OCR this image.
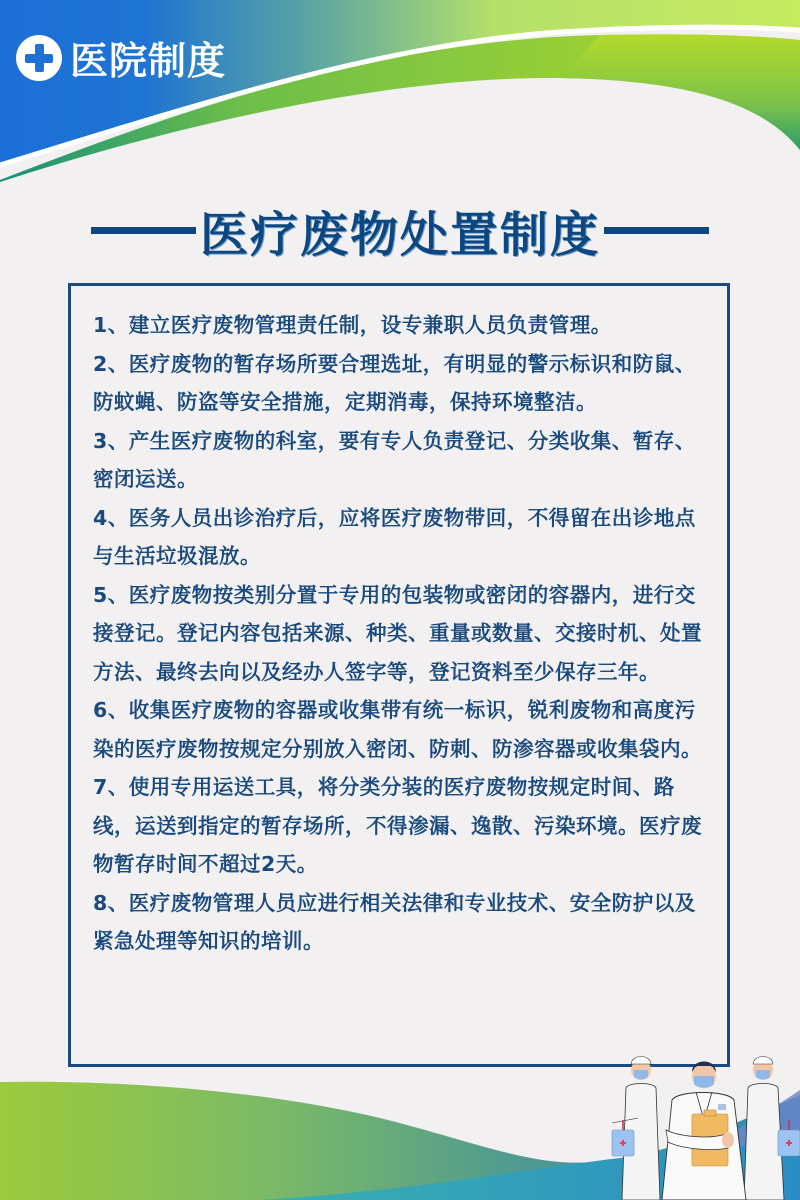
医院制度
医疗废物处置制度

1、建立医疗废物管理责任制，设专兼职人员负责管理。

2、医疗废物的暂存场所要合理选址，有明显的警示标识和防鼠、防蚊蝇、防盗等安全措施，定期消毒，保持环境整洁。

3、产生医疗废物的科室，要有专人负责登记、分类收集、暂存、密闭运送。

4、医务人员出诊治疗后，应将医疗废物带回，不得留在出诊地点与生活垃圾混放。

5、医疗废物按类别分置于专用的包装物或密闭的容器内，进行交接登记。登记内容包括来源、种类、重量或数量、交接时机、处置方法、最终去向以及经办人签字等，登记资料至少保存三年。

6、收集医疗废物的容器或收集带有统一标识，锐利废物和高度污染的医疗废物按规定分别放入密闭、防刺、防渗容器或收集袋内。

7、使用专用运送工具，将分类分装的医疗废物按规定时间、路线，运送到指定的暂存场所，不得渗漏、逸散、污染环境。医疗废物暂存时间不超过2天。

8、医疗废物管理人员应进行相关法律和专业技术、安全防护以及紧急处理等知识的培训。
